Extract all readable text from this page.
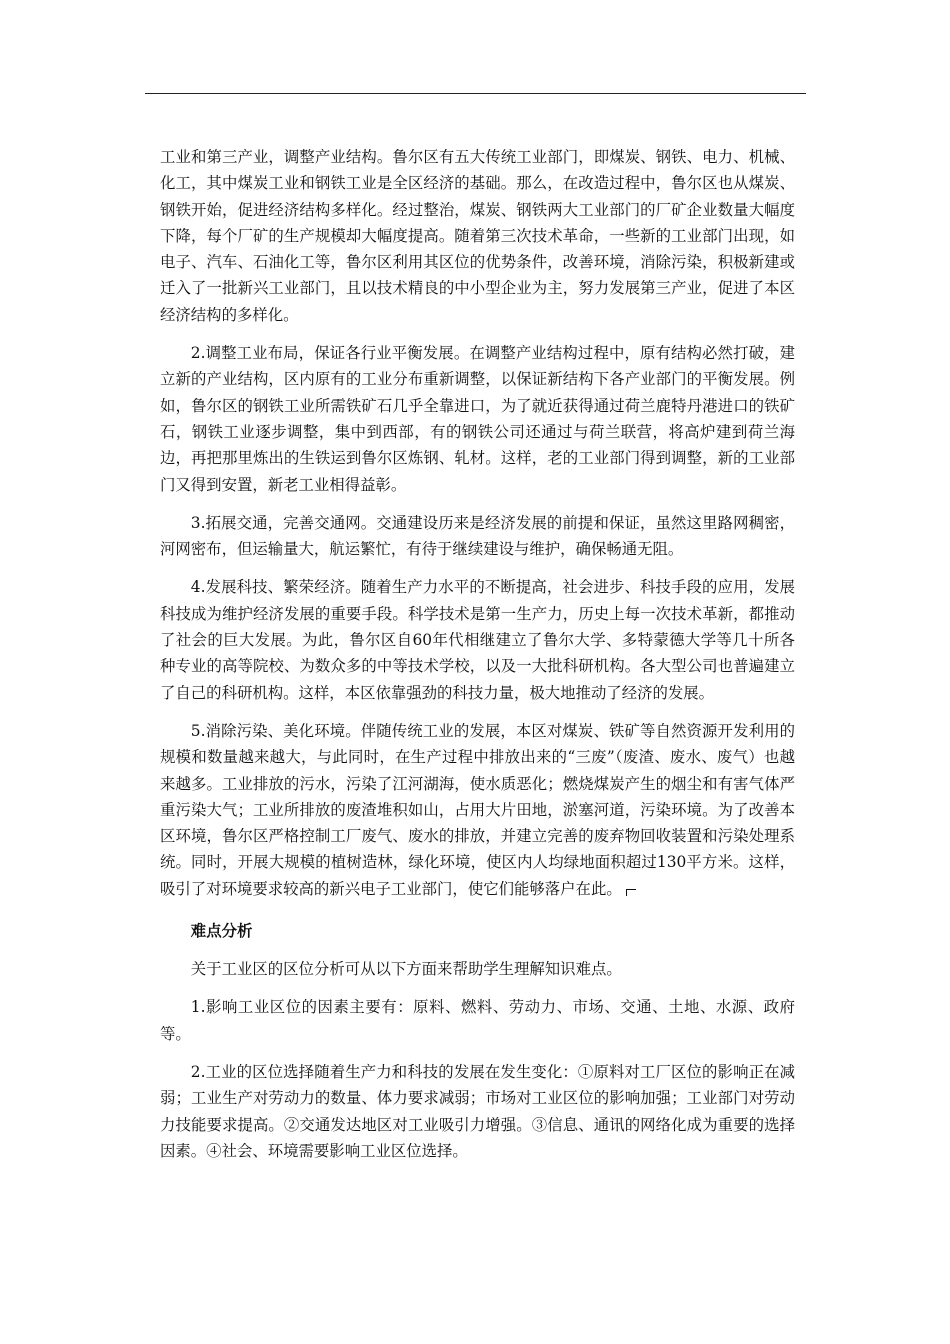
工业和第三产业，调整产业结构。鲁尔区有五大传统工业部门，即煤炭、钢铁、电力、机械、化工，其中煤炭工业和钢铁工业是全区经济的基础。那么，在改造过程中，鲁尔区也从煤炭、钢铁开始，促进经济结构多样化。经过整治，煤炭、钢铁两大工业部门的厂矿企业数量大幅度下降，每个厂矿的生产规模却大幅度提高。随着第三次技术革命，一些新的工业部门出现，如电子、汽车、石油化工等，鲁尔区利用其区位的优势条件，改善环境，消除污染，积极新建或迁入了一批新兴工业部门，且以技术精良的中小型企业为主，努力发展第三产业，促进了本区经济结构的多样化。

2.调整工业布局，保证各行业平衡发展。在调整产业结构过程中，原有结构必然打破，建立新的产业结构，区内原有的工业分布重新调整，以保证新结构下各产业部门的平衡发展。例如，鲁尔区的钢铁工业所需铁矿石几乎全靠进口，为了就近获得通过荷兰鹿特丹港进口的铁矿石，钢铁工业逐步调整，集中到西部，有的钢铁公司还通过与荷兰联营，将高炉建到荷兰海边，再把那里炼出的生铁运到鲁尔区炼钢、轧材。这样，老的工业部门得到调整，新的工业部门又得到安置，新老工业相得益彰。

3.拓展交通，完善交通网。交通建设历来是经济发展的前提和保证，虽然这里路网稠密，河网密布，但运输量大，航运繁忙，有待于继续建设与维护，确保畅通无阻。

4.发展科技、繁荣经济。随着生产力水平的不断提高，社会进步、科技手段的应用，发展科技成为维护经济发展的重要手段。科学技术是第一生产力，历史上每一次技术革新，都推动了社会的巨大发展。为此，鲁尔区自60年代相继建立了鲁尔大学、多特蒙德大学等几十所各种专业的高等院校、为数众多的中等技术学校，以及一大批科研机构。各大型公司也普遍建立了自己的科研机构。这样，本区依靠强劲的科技力量，极大地推动了经济的发展。

5.消除污染、美化环境。伴随传统工业的发展，本区对煤炭、铁矿等自然资源开发利用的规模和数量越来越大，与此同时，在生产过程中排放出来的“三废”（废渣、废水、废气）也越来越多。工业排放的污水，污染了江河湖海，使水质恶化；燃烧煤炭产生的烟尘和有害气体严重污染大气；工业所排放的废渣堆积如山，占用大片田地，淤塞河道，污染环境。为了改善本区环境，鲁尔区严格控制工厂废气、废水的排放，并建立完善的废弃物回收装置和污染处理系统。同时，开展大规模的植树造林，绿化环境，使区内人均绿地面积超过130平方米。这样，吸引了对环境要求较高的新兴电子工业部门，使它们能够落户在此。

难点分析

关于工业区的区位分析可从以下方面来帮助学生理解知识难点。

1.影响工业区位的因素主要有：原料、燃料、劳动力、市场、交通、土地、水源、政府等。

2.工业的区位选择随着生产力和科技的发展在发生变化：①原料对工厂区位的影响正在减弱；工业生产对劳动力的数量、体力要求减弱；市场对工业区位的影响加强；工业部门对劳动力技能要求提高。②交通发达地区对工业吸引力增强。③信息、通讯的网络化成为重要的选择因素。④社会、环境需要影响工业区位选择。
